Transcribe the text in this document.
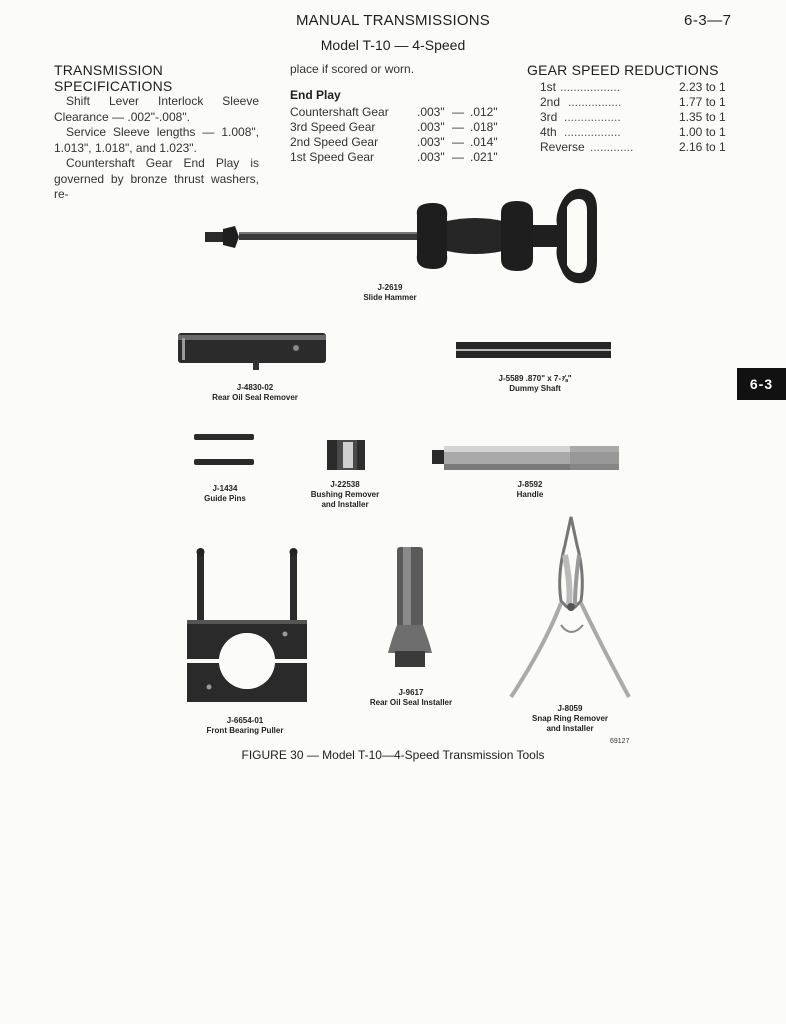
MANUAL TRANSMISSIONS
Model T-10 — 4-Speed
6-3—7
TRANSMISSION
SPECIFICATIONS

Shift Lever Interlock Sleeve Clearance — .002"-.008".

Service Sleeve lengths — 1.008", 1.013", 1.018", and 1.023".

Countershaft Gear End Play is governed by bronze thrust washers, re-

place if scored or worn.
End Play
Countershaft Gear .003" — .012"
3rd Speed Gear	.003" — .018"
2nd Speed Gear	.003" — .014"
1st Speed Gear	.003" — .021"
GEAR SPEED REDUCTIONS
1st ..................	2.23 to 1
2nd ................	1.77 to 1
3rd .................	1.35 to 1
4th .................	1.00 to 1
Reverse .............	2.16 to 1
6-3
J-2619
Slide Hammer
J-4830-02
Rear Oil Seal Remover
J-5589 .870" x 7-⅞"
Dummy Shaft
J-1434
Guide Pins
J-22538
Bushing Remover
and Installer
J-8592
Handle
J-6654-01
Front Bearing Puller
J-9617
Rear Oil Seal Installer
J-8059
Snap Ring Remover
and Installer
69127
FIGURE 30 — Model T-10—4-Speed Transmission Tools
